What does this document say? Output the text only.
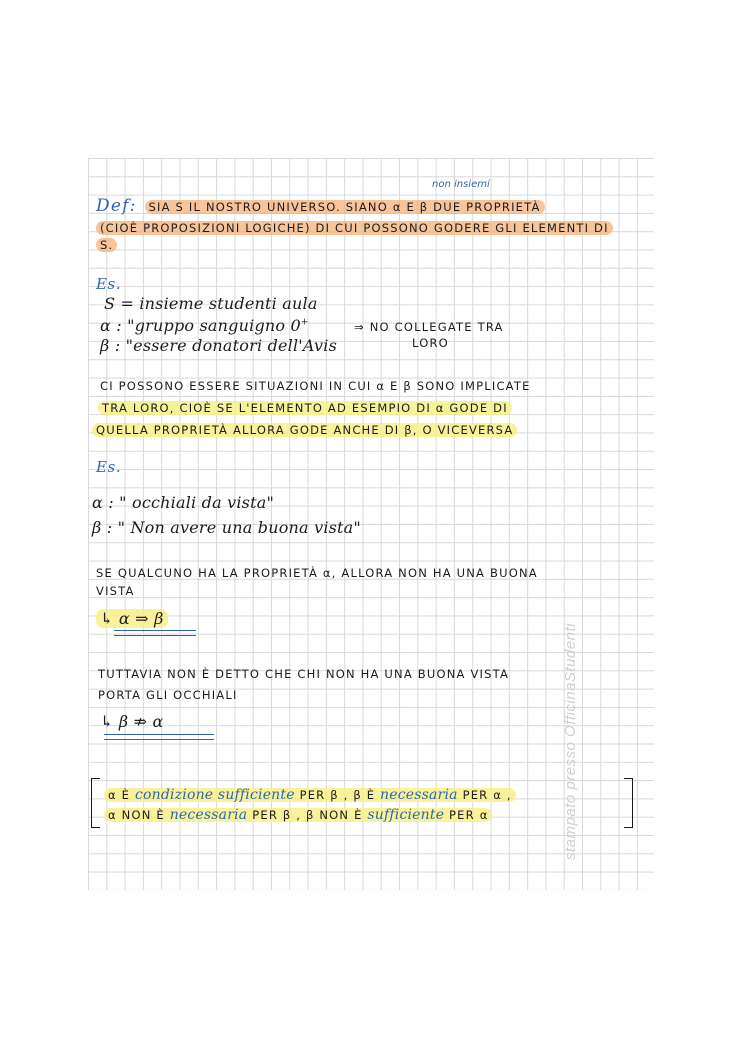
non insiemi
Def: SIA S IL NOSTRO UNIVERSO. SIANO α E β DUE PROPRIETÀ
(CIOÈ PROPOSIZIONI LOGICHE) DI CUI POSSONO GODERE GLI ELEMENTI DI
S.
Es.
S = insieme studenti aula
α : "gruppo sanguigno 0+
β : "essere donatori dell'Avis
⇒ NO COLLEGATE TRA
LORO
CI POSSONO ESSERE SITUAZIONI IN CUI α E β SONO IMPLICATE
TRA LORO, CIOÈ SE L'ELEMENTO AD ESEMPIO DI α GODE DI
QUELLA PROPRIETÀ ALLORA GODE ANCHE DI β, O VICEVERSA
Es.
α : " occhiali da vista"
β : " Non avere una buona vista"
SE QUALCUNO HA LA PROPRIETÀ α, ALLORA NON HA UNA BUONA
VISTA
↳ α ⇒ β
TUTTAVIA NON È DETTO CHE CHI NON HA UNA BUONA VISTA
PORTA GLI OCCHIALI
↳ β ⇏ α
α È condizione sufficiente PER β , β È necessaria PER α ,
α NON È necessaria PER β , β NON È sufficiente PER α	stampato presso OfficinaStudenti
